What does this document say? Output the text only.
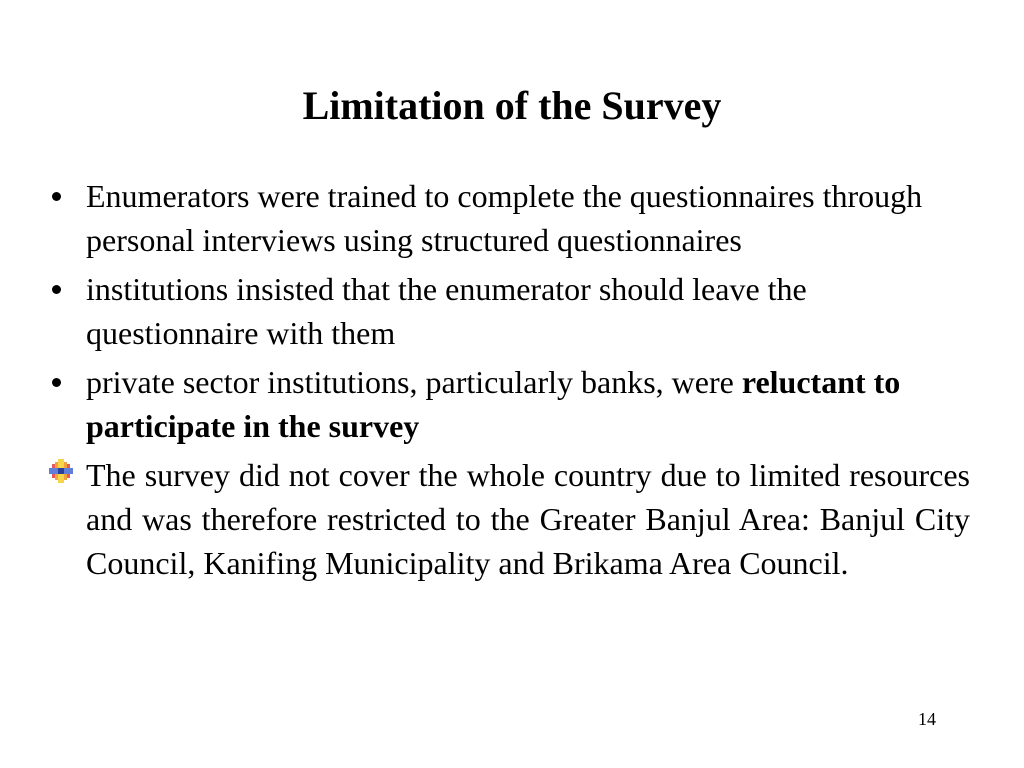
Limitation of the Survey
Enumerators were trained to complete the questionnaires through personal interviews using structured questionnaires
institutions insisted that the enumerator should leave the questionnaire with them
private sector institutions, particularly banks, were reluctant to participate in the survey
The survey did not cover the whole country due to limited resources and was therefore restricted to the Greater Banjul Area: Banjul City Council, Kanifing Municipality and Brikama Area Council.
14
